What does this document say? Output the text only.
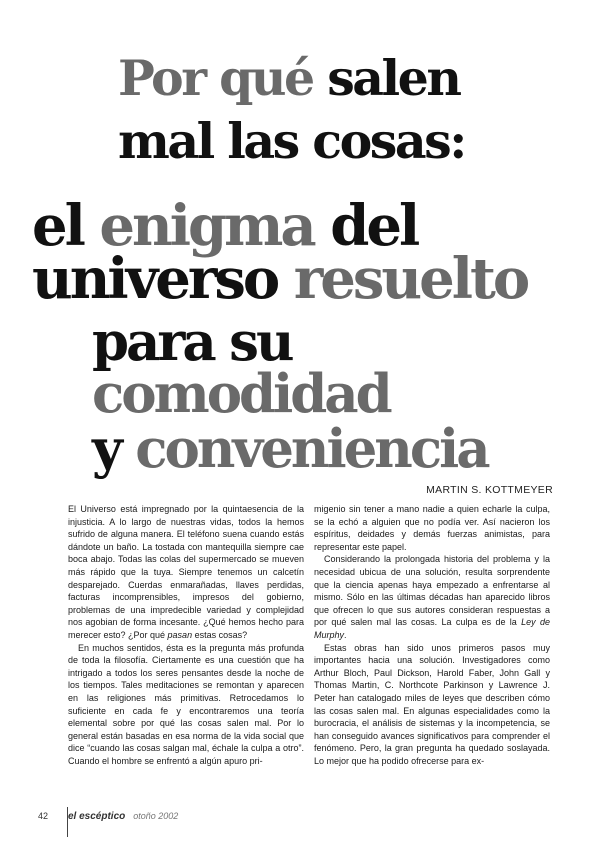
Por qué salen
mal las cosas:
el enigma del
universo resuelto
para su
comodidad
y conveniencia
MARTIN S. KOTTMEYER

El Universo está impregnado por la quintaesencia de la injusticia. A lo largo de nuestras vidas, todos la hemos sufrido de alguna manera. El teléfono suena cuando estás dándote un baño. La tostada con mantequilla siempre cae boca abajo. Todas las colas del supermercado se mueven más rápido que la tuya. Siempre tenemos un calcetín desparejado. Cuerdas enmarañadas, llaves perdidas, facturas incomprensibles, impresos del gobierno, problemas de una impredecible variedad y complejidad nos agobian de forma incesante. ¿Qué hemos hecho para merecer esto? ¿Por qué pasan estas cosas?

En muchos sentidos, ésta es la pregunta más profunda de toda la filosofía. Ciertamente es una cuestión que ha intrigado a todos los seres pensantes desde la noche de los tiempos. Tales meditaciones se remontan y aparecen en las religiones más primitivas. Retrocedamos lo suficiente en cada fe y encontraremos una teoría elemental sobre por qué las cosas salen mal. Por lo general están basadas en esa norma de la vida social que dice “cuando las cosas salgan mal, échale la culpa a otro”. Cuando el hombre se enfrentó a algún apuro pri-

migenio sin tener a mano nadie a quien echarle la culpa, se la echó a alguien que no podía ver. Así nacieron los espíritus, deidades y demás fuerzas animistas, para representar este papel.

Considerando la prolongada historia del problema y la necesidad ubicua de una solución, resulta sorprendente que la ciencia apenas haya empezado a enfrentarse al mismo. Sólo en las últimas décadas han aparecido libros que ofrecen lo que sus autores consideran respuestas a por qué salen mal las cosas. La culpa es de la Ley de Murphy.

Estas obras han sido unos primeros pasos muy importantes hacia una solución. Investigadores como Arthur Bloch, Paul Dickson, Harold Faber, John Gall y Thomas Martin, C. Northcote Parkinson y Lawrence J. Peter han catalogado miles de leyes que describen cómo las cosas salen mal. En algunas especialidades como la burocracia, el análisis de sistemas y la incompetencia, se han conseguido avances significativos para comprender el fenómeno. Pero, la gran pregunta ha quedado soslayada. Lo mejor que ha podido ofrecerse para ex-

42 el escéptico otoño 2002
